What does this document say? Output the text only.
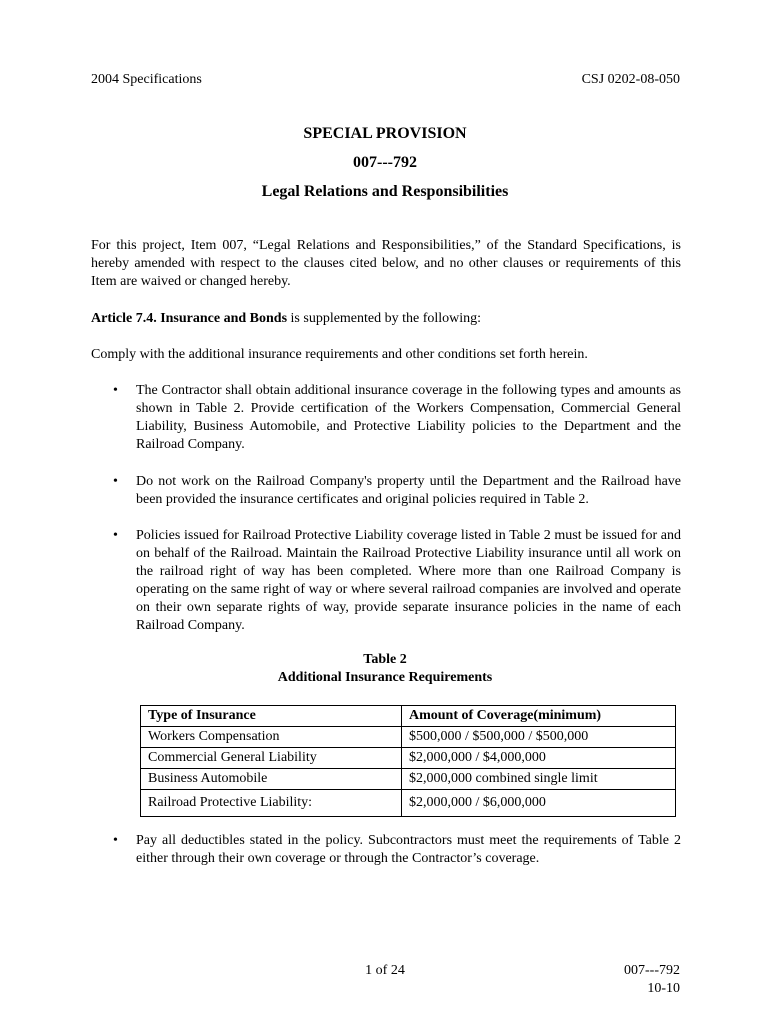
2004 Specifications	CSJ 0202-08-050
SPECIAL PROVISION
007---792
Legal Relations and Responsibilities
For this project, Item 007, “Legal Relations and Responsibilities,” of the Standard Specifications, is hereby amended with respect to the clauses cited below, and no other clauses or requirements of this Item are waived or changed hereby.
Article 7.4. Insurance and Bonds is supplemented by the following:
Comply with the additional insurance requirements and other conditions set forth herein.
• The Contractor shall obtain additional insurance coverage in the following types and amounts as shown in Table 2. Provide certification of the Workers Compensation, Commercial General Liability, Business Automobile, and Protective Liability policies to the Department and the Railroad Company.
• Do not work on the Railroad Company's property until the Department and the Railroad have been provided the insurance certificates and original policies required in Table 2.
• Policies issued for Railroad Protective Liability coverage listed in Table 2 must be issued for and on behalf of the Railroad. Maintain the Railroad Protective Liability insurance until all work on the railroad right of way has been completed. Where more than one Railroad Company is operating on the same right of way or where several railroad companies are involved and operate on their own separate rights of way, provide separate insurance policies in the name of each Railroad Company.
Table 2
Additional Insurance Requirements
Type of Insurance	Amount of Coverage(minimum)
Workers Compensation	$500,000 / $500,000 / $500,000
Commercial General Liability	$2,000,000 / $4,000,000
Business Automobile	$2,000,000 combined single limit
Railroad Protective Liability:	$2,000,000 / $6,000,000
• Pay all deductibles stated in the policy. Subcontractors must meet the requirements of Table 2 either through their own coverage or through the Contractor’s coverage.
1 of 24	007---792
10-10
